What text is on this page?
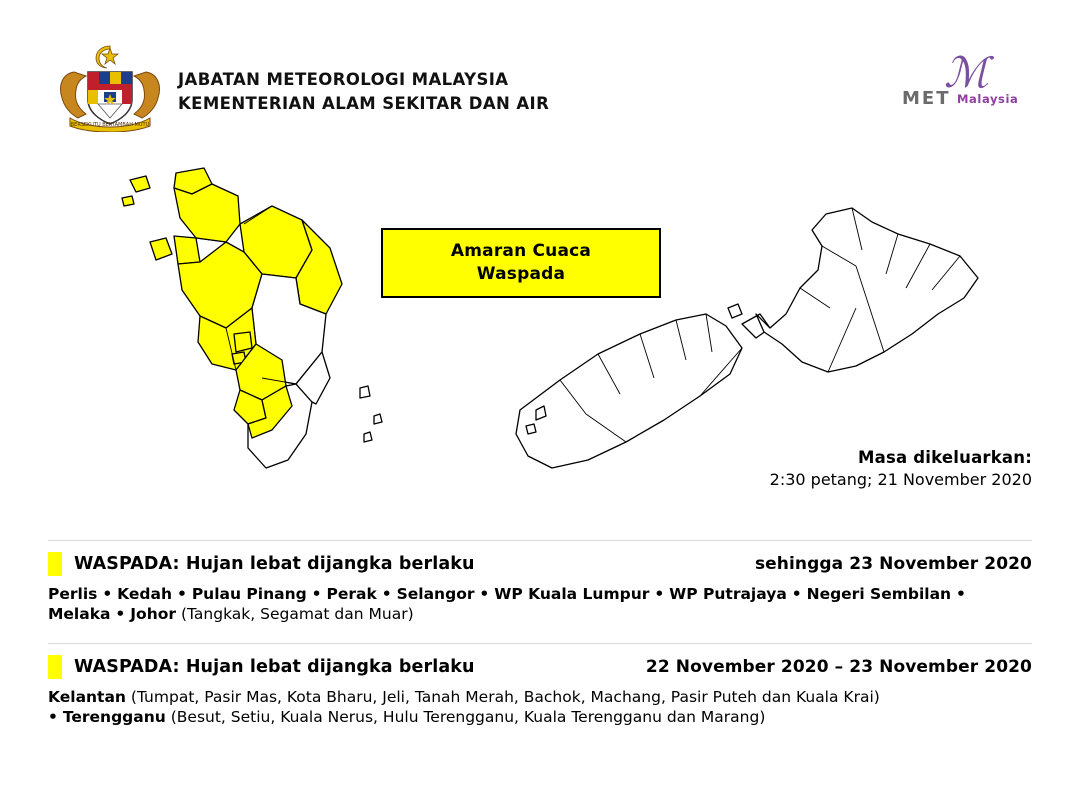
BERSEKUTU BERTAMBAH MUTU
JABATAN METEOROLOGI MALAYSIA
KEMENTERIAN ALAM SEKITAR DAN AIR
ℳ
MET Malaysia
Amaran Cuaca
Waspada
Masa dikeluarkan:
2:30 petang; 21 November 2020
WASPADA: Hujan lebat dijangka berlaku	sehingga 23 November 2020
Perlis • Kedah • Pulau Pinang • Perak • Selangor • WP Kuala Lumpur • WP Putrajaya • Negeri Sembilan • Melaka • Johor (Tangkak, Segamat dan Muar)
WASPADA: Hujan lebat dijangka berlaku	22 November 2020 – 23 November 2020
Kelantan (Tumpat, Pasir Mas, Kota Bharu, Jeli, Tanah Merah, Bachok, Machang, Pasir Puteh dan Kuala Krai)
• Terengganu (Besut, Setiu, Kuala Nerus, Hulu Terengganu, Kuala Terengganu dan Marang)
